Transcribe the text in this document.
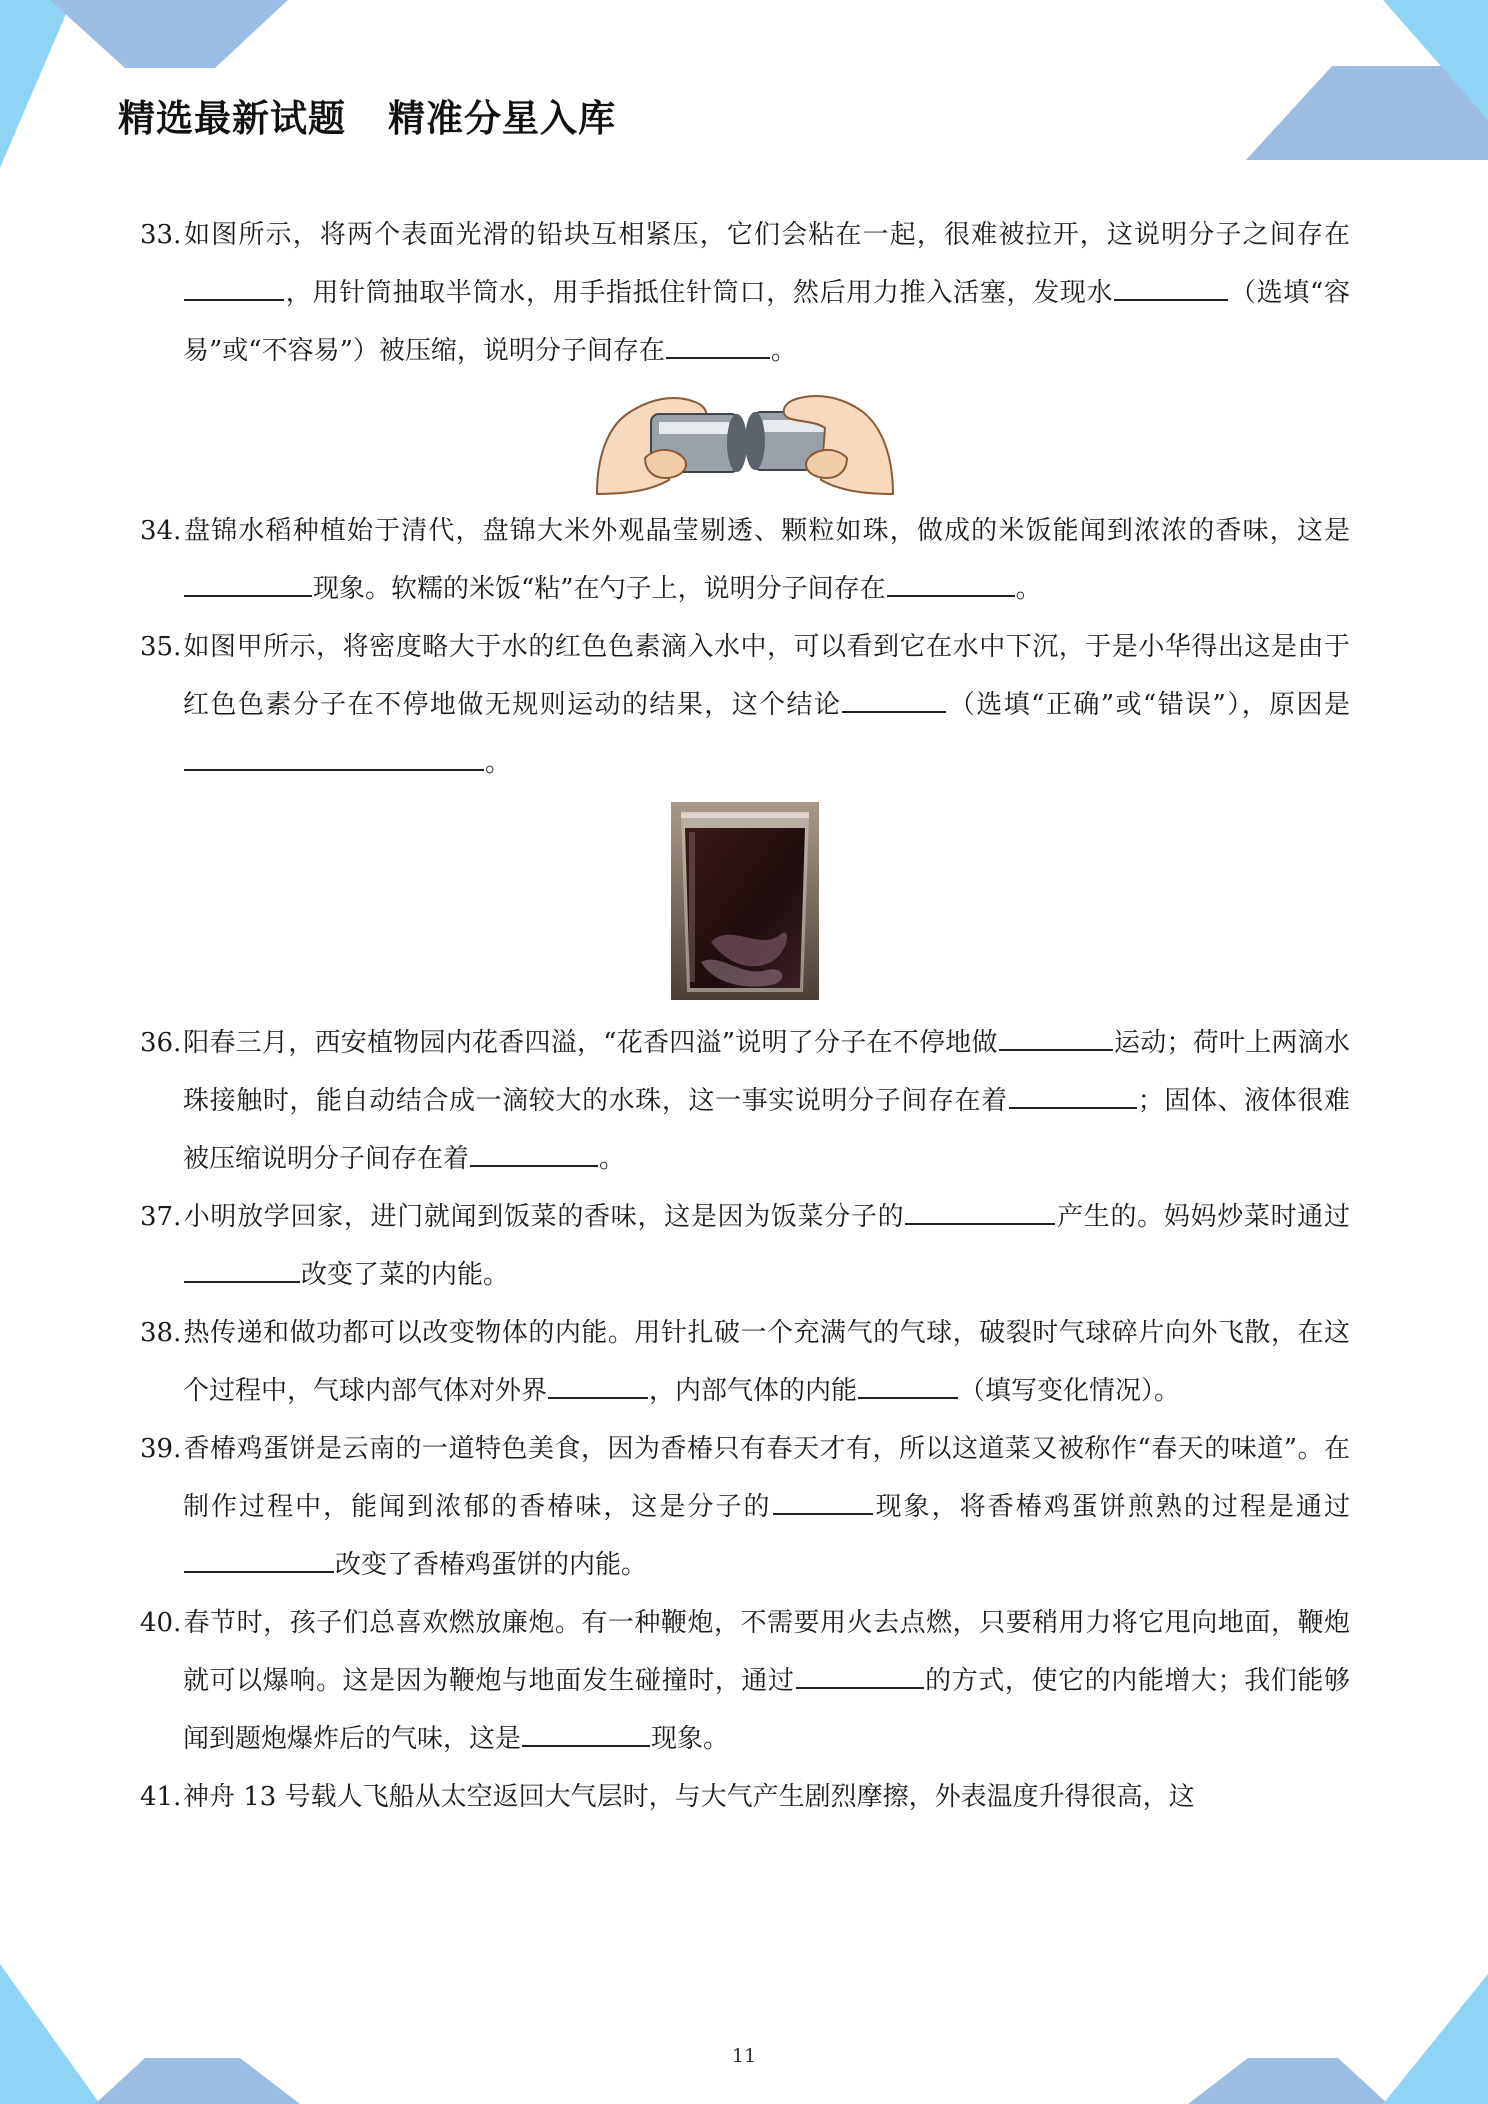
精选最新试题 精准分星入库
33.如图所示，将两个表面光滑的铅块互相紧压，它们会粘在一起，很难被拉开，这说明分子之间存在，用针筒抽取半筒水，用手指抵住针筒口，然后用力推入活塞，发现水	（选填“容易”或“不容易”）被压缩，说明分子间存在	。
34.盘锦水稻种植始于清代，盘锦大米外观晶莹剔透、颗粒如珠，做成的米饭能闻到浓浓的香味，这是现象。软糯的米饭“粘”在勺子上，说明分子间存在	。
35.如图甲所示，将密度略大于水的红色色素滴入水中，可以看到它在水中下沉，于是小华得出这是由于红色色素分子在不停地做无规则运动的结果，这个结论	（选填“正确”或“错误”），原因是。
36.阳春三月，西安植物园内花香四溢，“花香四溢”说明了分子在不停地做	运动；荷叶上两滴水珠接触时，能自动结合成一滴较大的水珠，这一事实说明分子间存在着	；固体、液体很难被压缩说明分子间存在着	。
37.小明放学回家，进门就闻到饭菜的香味，这是因为饭菜分子的	产生的。妈妈炒菜时通过改变了菜的内能。
38.热传递和做功都可以改变物体的内能。用针扎破一个充满气的气球，破裂时气球碎片向外飞散，在这个过程中，气球内部气体对外界	，内部气体的内能	（填写变化情况）。
39.香椿鸡蛋饼是云南的一道特色美食，因为香椿只有春天才有，所以这道菜又被称作“春天的味道”。在制作过程中，能闻到浓郁的香椿味，这是分子的	现象，将香椿鸡蛋饼煎熟的过程是通过改变了香椿鸡蛋饼的内能。
40.春节时，孩子们总喜欢燃放廉炮。有一种鞭炮，不需要用火去点燃，只要稍用力将它甩向地面，鞭炮就可以爆响。这是因为鞭炮与地面发生碰撞时，通过	的方式，使它的内能增大；我们能够闻到题炮爆炸后的气味，这是	现象。
41.神舟 13 号载人飞船从太空返回大气层时，与大气产生剧烈摩擦，外表温度升得很高，这
11
